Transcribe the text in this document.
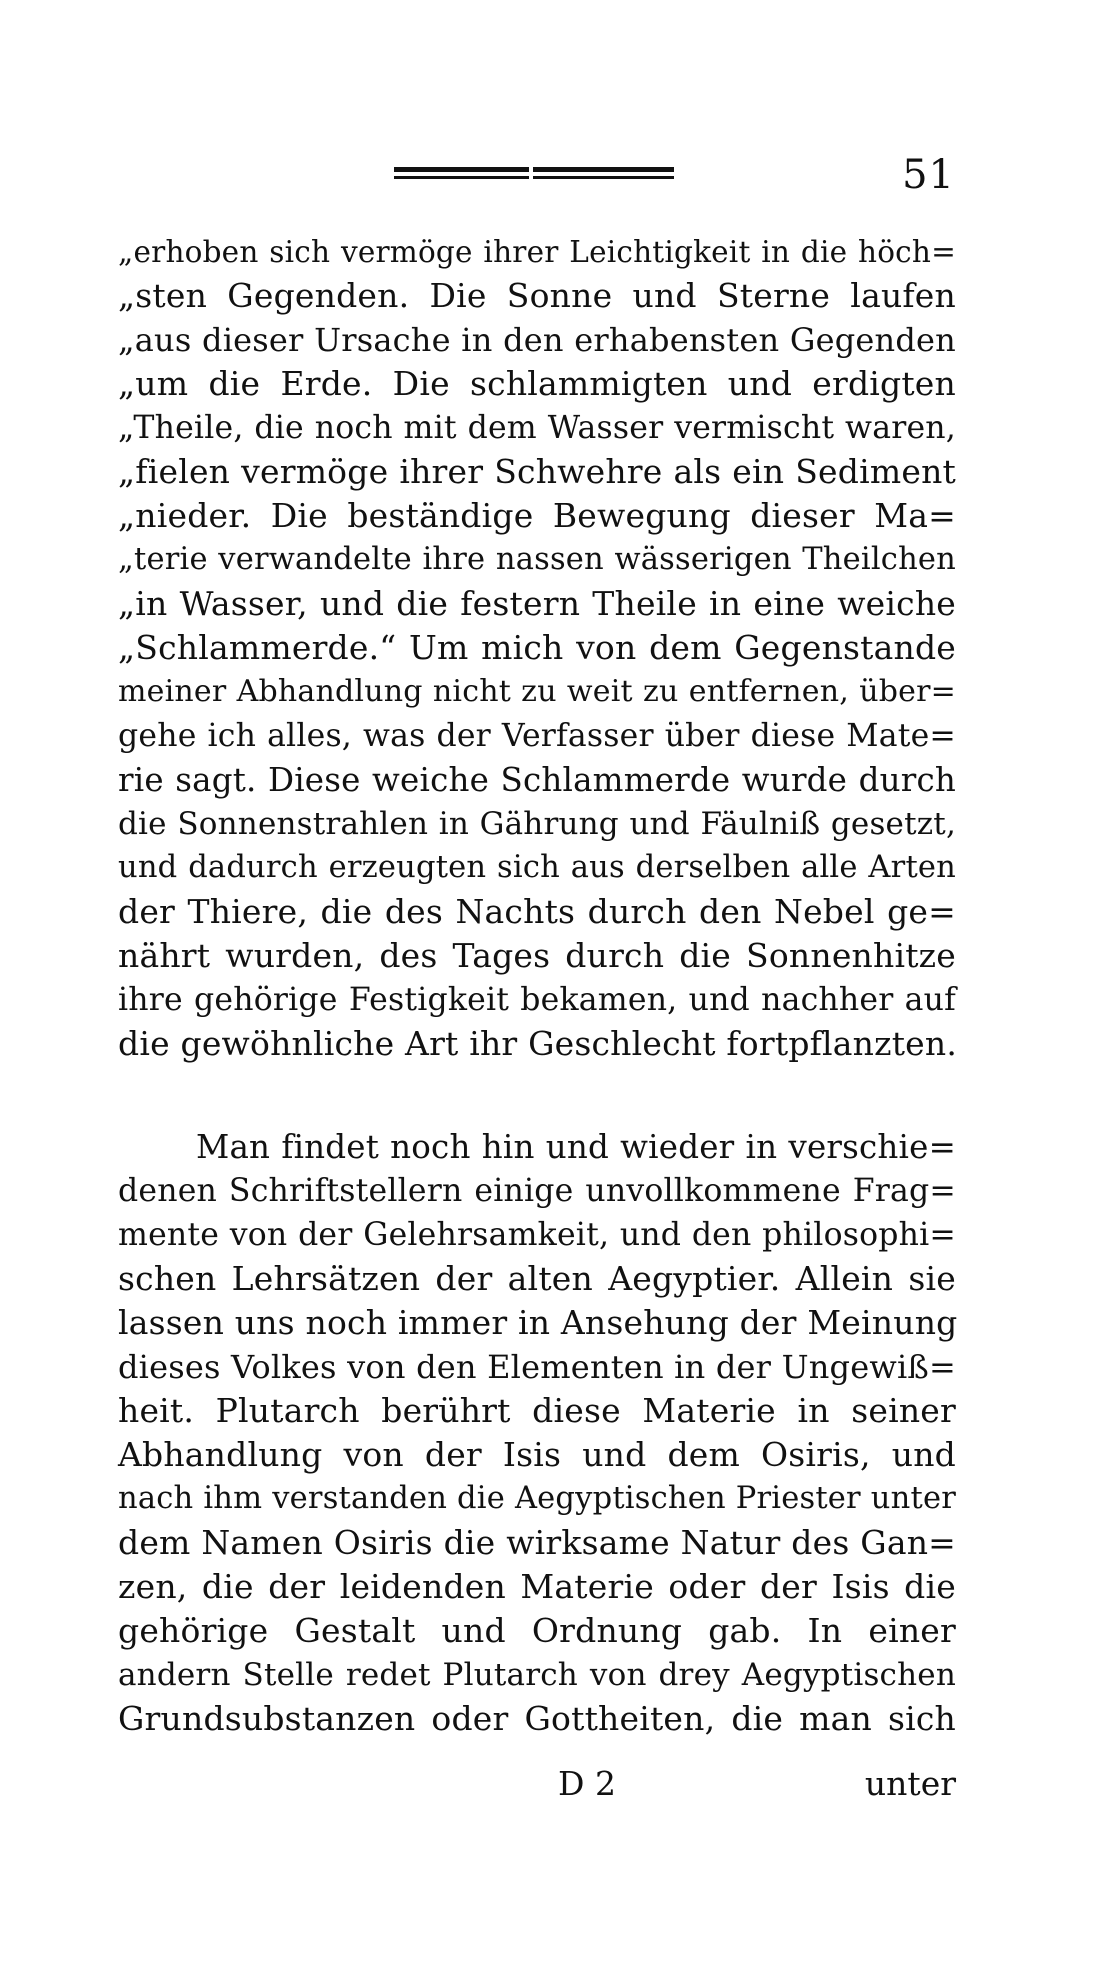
51
„erhoben sich vermöge ihrer Leichtigkeit in die höch=
„sten Gegenden. Die Sonne und Sterne laufen
„aus dieser Ursache in den erhabensten Gegenden
„um die Erde. Die schlammigten und erdigten
„Theile, die noch mit dem Wasser vermischt waren,
„fielen vermöge ihrer Schwehre als ein Sediment
„nieder. Die beständige Bewegung dieser Ma=
„terie verwandelte ihre nassen wässerigen Theilchen
„in Wasser, und die festern Theile in eine weiche
„Schlammerde.“ Um mich von dem Gegenstande
meiner Abhandlung nicht zu weit zu entfernen, über=
gehe ich alles, was der Verfasser über diese Mate=
rie sagt. Diese weiche Schlammerde wurde durch
die Sonnenstrahlen in Gährung und Fäulniß gesetzt,
und dadurch erzeugten sich aus derselben alle Arten
der Thiere, die des Nachts durch den Nebel ge=
nährt wurden, des Tages durch die Sonnenhitze
ihre gehörige Festigkeit bekamen, und nachher auf
die gewöhnliche Art ihr Geschlecht fortpflanzten.
Man findet noch hin und wieder in verschie=
denen Schriftstellern einige unvollkommene Frag=
mente von der Gelehrsamkeit, und den philosophi=
schen Lehrsätzen der alten Aegyptier. Allein sie
lassen uns noch immer in Ansehung der Meinung
dieses Volkes von den Elementen in der Ungewiß=
heit. Plutarch berührt diese Materie in seiner
Abhandlung von der Isis und dem Osiris, und
nach ihm verstanden die Aegyptischen Priester unter
dem Namen Osiris die wirksame Natur des Gan=
zen, die der leidenden Materie oder der Isis die
gehörige Gestalt und Ordnung gab. In einer
andern Stelle redet Plutarch von drey Aegyptischen
Grundsubstanzen oder Gottheiten, die man sich
D 2	unter
